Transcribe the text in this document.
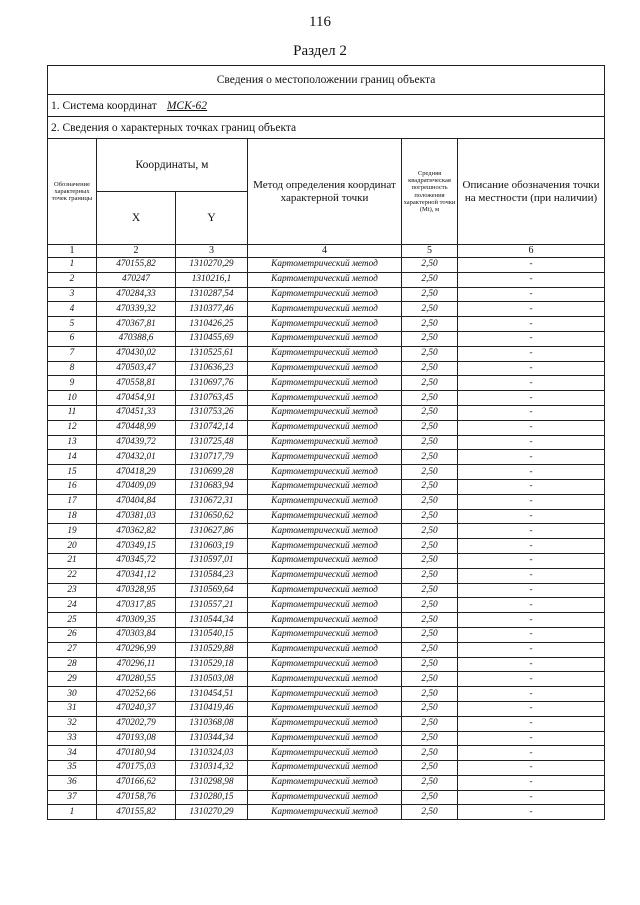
116
Раздел 2
Сведения о местоположении границ объекта					
1. Система координат МСК-62					
2. Сведения о характерных точках границ объекта					
Обозначение характерных точек границы	Координаты, м		Метод определения координат характерной точки	Средняя квадратическая погрешность положения характерной точки (Mt), м	Описание обозначения точки на местности (при наличии)
	X	Y			
1	2	3	4	5	6
1	470155,82	1310270,29	Картометрический метод	2,50	-
2	470247	1310216,1	Картометрический метод	2,50	-
3	470284,33	1310287,54	Картометрический метод	2,50	-
4	470339,32	1310377,46	Картометрический метод	2,50	-
5	470367,81	1310426,25	Картометрический метод	2,50	-
6	470388,6	1310455,69	Картометрический метод	2,50	-
7	470430,02	1310525,61	Картометрический метод	2,50	-
8	470503,47	1310636,23	Картометрический метод	2,50	-
9	470558,81	1310697,76	Картометрический метод	2,50	-
10	470454,91	1310763,45	Картометрический метод	2,50	-
11	470451,33	1310753,26	Картометрический метод	2,50	-
12	470448,99	1310742,14	Картометрический метод	2,50	-
13	470439,72	1310725,48	Картометрический метод	2,50	-
14	470432,01	1310717,79	Картометрический метод	2,50	-
15	470418,29	1310699,28	Картометрический метод	2,50	-
16	470409,09	1310683,94	Картометрический метод	2,50	-
17	470404,84	1310672,31	Картометрический метод	2,50	-
18	470381,03	1310650,62	Картометрический метод	2,50	-
19	470362,82	1310627,86	Картометрический метод	2,50	-
20	470349,15	1310603,19	Картометрический метод	2,50	-
21	470345,72	1310597,01	Картометрический метод	2,50	-
22	470341,12	1310584,23	Картометрический метод	2,50	-
23	470328,95	1310569,64	Картометрический метод	2,50	-
24	470317,85	1310557,21	Картометрический метод	2,50	-
25	470309,35	1310544,34	Картометрический метод	2,50	-
26	470303,84	1310540,15	Картометрический метод	2,50	-
27	470296,99	1310529,88	Картометрический метод	2,50	-
28	470296,11	1310529,18	Картометрический метод	2,50	-
29	470280,55	1310503,08	Картометрический метод	2,50	-
30	470252,66	1310454,51	Картометрический метод	2,50	-
31	470240,37	1310419,46	Картометрический метод	2,50	-
32	470202,79	1310368,08	Картометрический метод	2,50	-
33	470193,08	1310344,34	Картометрический метод	2,50	-
34	470180,94	1310324,03	Картометрический метод	2,50	-
35	470175,03	1310314,32	Картометрический метод	2,50	-
36	470166,62	1310298,98	Картометрический метод	2,50	-
37	470158,76	1310280,15	Картометрический метод	2,50	-
1	470155,82	1310270,29	Картометрический метод	2,50	-
